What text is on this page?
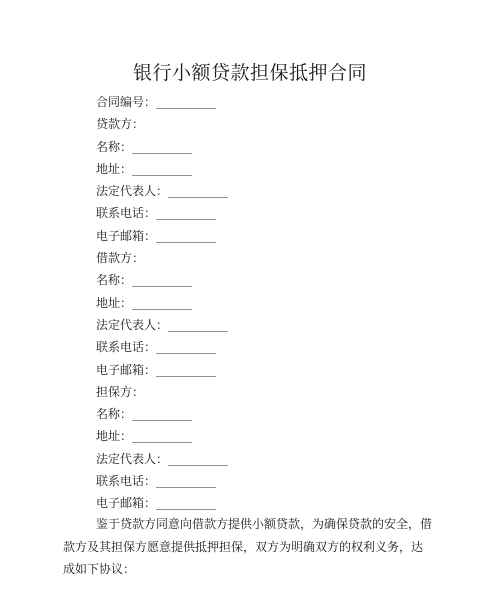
银行小额贷款担保抵押合同
合同编号：__________
贷款方：
名称：__________
地址：__________
法定代表人：__________
联系电话：__________
电子邮箱：__________
借款方：
名称：__________
地址：__________
法定代表人：__________
联系电话：__________
电子邮箱：__________
担保方：
名称：__________
地址：__________
法定代表人：__________
联系电话：__________
电子邮箱：__________
鉴于贷款方同意向借款方提供小额贷款，为确保贷款的安全，借
款方及其担保方愿意提供抵押担保，双方为明确双方的权利义务，达
成如下协议：
